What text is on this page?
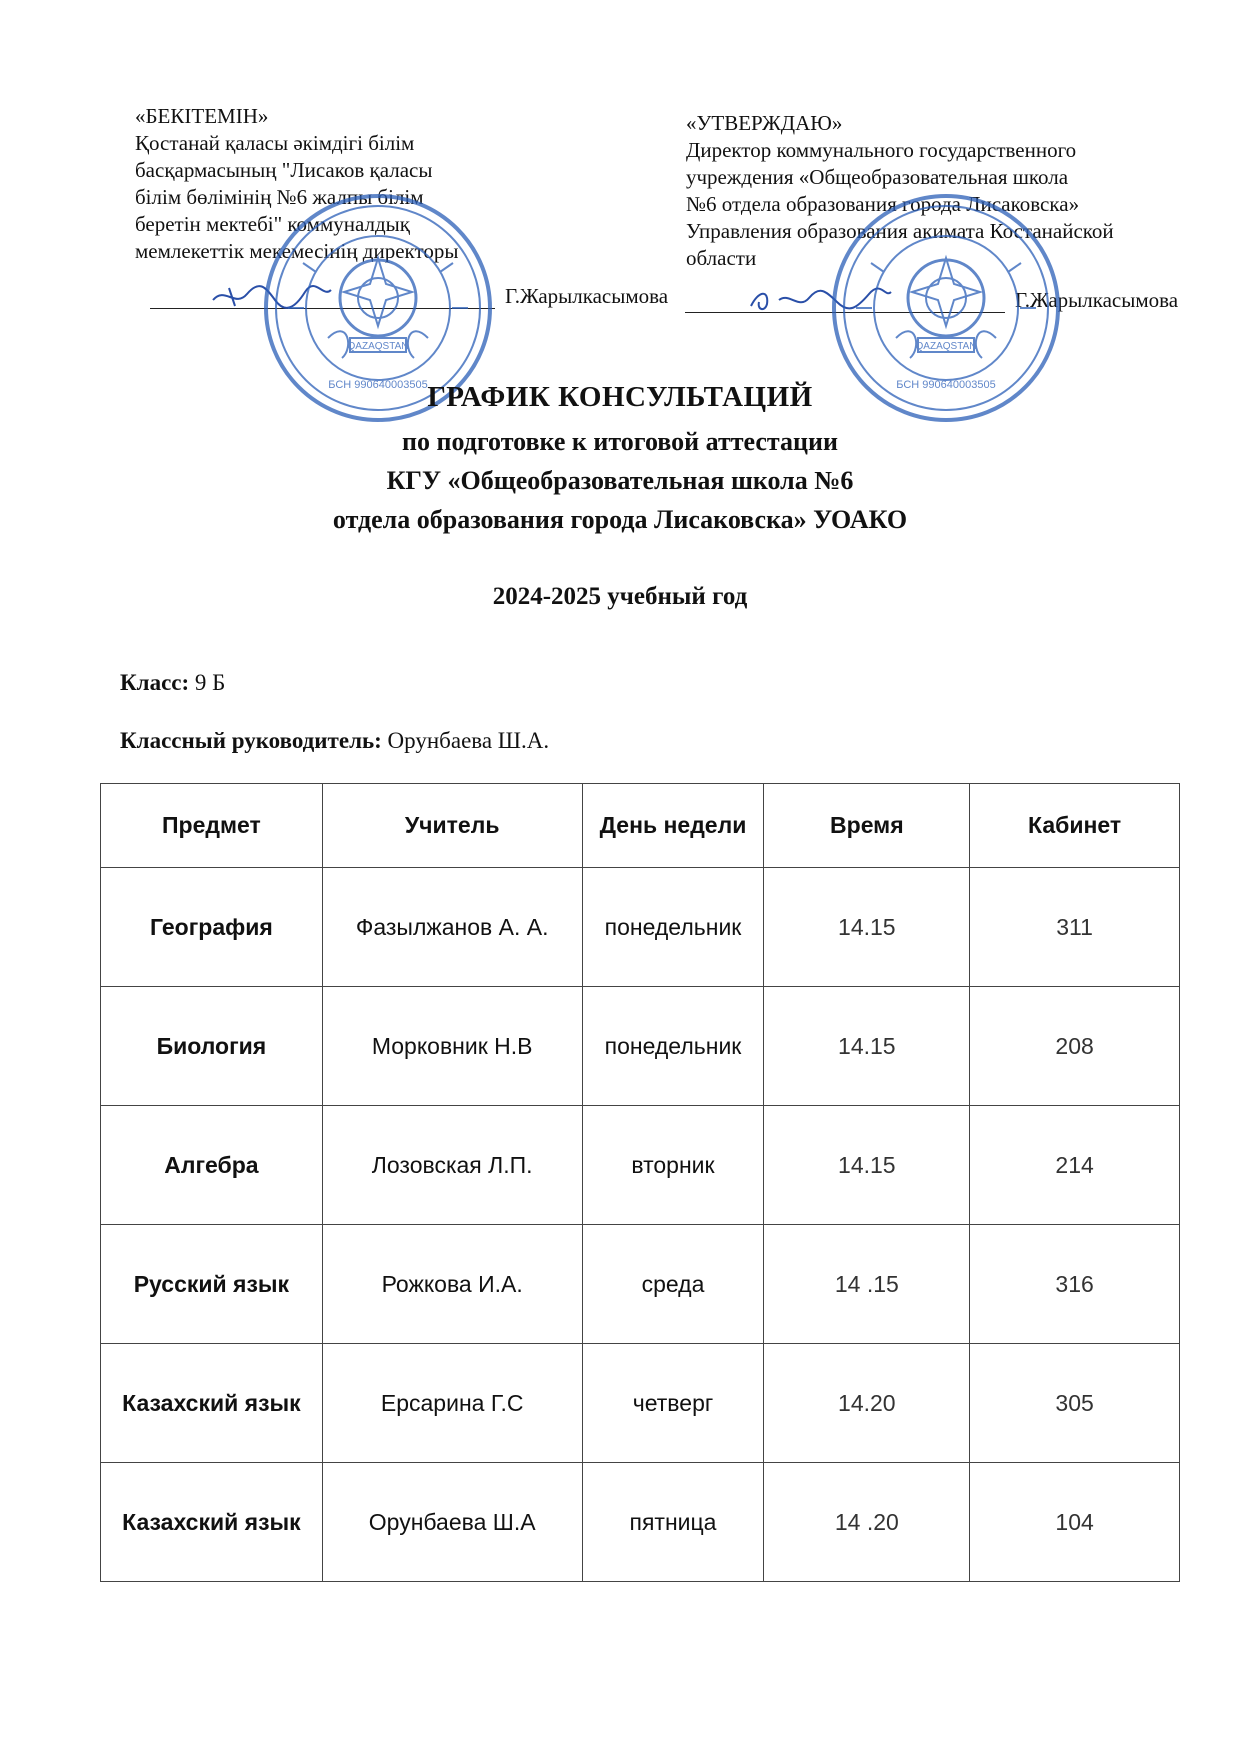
«БЕКІТЕМІН»
Қостанай қаласы әкімдігі білім
басқармасының "Лисаков қаласы
білім бөлімінің №6 жалпы білім
беретін мектебі" коммуналдық
мемлекеттік мекемесінің директоры
Г.Жарылкасымова
«УТВЕРЖДАЮ»
Директор коммунального государственного
учреждения «Общеобразовательная школа
№6 отдела образования города Лисаковска»
Управления образования акимата Костанайской
области
Г.Жарылкасымова
QAZAQSTAN
БСН 990640003505
QAZAQSTAN
БСН 990640003505
ГРАФИК КОНСУЛЬТАЦИЙ
по подготовке к итоговой аттестации
КГУ «Общеобразовательная школа №6
отдела образования города Лисаковска» УОАКО
2024-2025 учебный год
Класс: 9 Б
Классный руководитель: Орунбаева Ш.А.
Предмет	Учитель	День недели	Время	Кабинет
География	Фазылжанов А. А.	понедельник	14.15	311
Биология	Морковник Н.В	понедельник	14.15	208
Алгебра	Лозовская Л.П.	вторник	14.15	214
Русский язык	Рожкова И.А.	среда	14 .15	316
Казахский язык	Ерсарина Г.С	четверг	14.20	305
Казахский язык	Орунбаева Ш.А	пятница	14 .20	104
